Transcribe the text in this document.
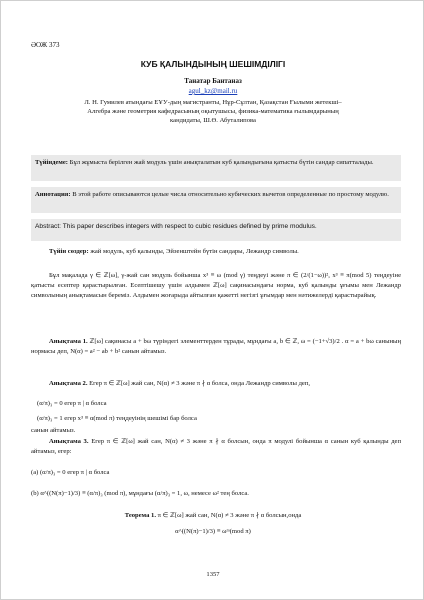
ӘОЖ 373
КУБ ҚАЛЫНДЫНЫҢ ШЕШІМДІЛІГІ
Танатар Бантаназ
agul_kz@mail.ru
Л. Н. Гумилев атындағы ЕҰУ-дың магистранты, Нұр-Сұлтан, Қазақстан Ғылыми жетекші– Алгебра және геометрия кафедрасының оқытушысы, физика-математика ғылымдарының кандидаты, Ш.Ө. Абуталипова
Түйіндеме: Бұл жұмыста берілген жай модуль үшін анықталатын куб қалындығына қатысты бүтін сандар сипатталады.
Аннотация: В этой работе описываются целые числа относительно кубических вычетов определенные по простому модулю.
Abstract: This paper describes integers with respect to cubic residues defined by prime modulus.
Түйін сөздер: жай модуль, куб қалынды, Эйзенштейн бүтін сандары, Лежандр символы.
Бұл мақалада γ ∈ ℤ[ω], γ-жай сан модуль бойынша x³ ≡ ω (mod γ) теңдеуі және π ∈ (2/(1−ω))², x³ ≡ π(mod 5) теңдеуіне қатысты есептер қарастырылған. Есептішешу үшін алдымен ℤ[ω] сақинасындағы норма, куб қалынды ұғымы мен Лежандр символының анықтамасын береміз. Алдымен жоғарыда айтылған қажетті негізгі ұғымдар мен нәтижелерді қарастырайық.
Анықтама 1. ℤ[ω] сақинасы a + bω түріндегі элементтерден тұрады, мұндағы a, b ∈ ℤ, ω = (−1+√3)/2 . α = a + bω санының нормасы деп, N(α) = a² − ab + b² санын айтамыз.
Анықтама 2. Егер π ∈ ℤ[ω] жай сан, N(α) ≠ 3 және π ∤ α болса, онда Лежандр символы деп,
(α/π)₃ = 0 егер π | α болса
(α/π)₃ = 1 егер x³ ≡ α(mod π) теңдеуінің шешімі бар болса
санын айтамыз.
Анықтама 3. Егер π ∈ ℤ[ω] жай сан, N(α) ≠ 3 және π ∤ α болсын, онда π модулі бойынша α санын куб қалынды деп айтамыз, егер:
(a) (α/π)₃ = 0 егер π | α болса
(b) α^((N(π)−1)/3) ≡ (α/π)₃ (mod π), мұндағы (α/π)₃ = 1, ω, немесе ω² тең болса.
Теорема 1. π ∈ ℤ[ω] жай сан, N(α) ≠ 3 және π ∤ α болсын,онда
α^((N(π)−1)/3) ≡ ωᵐ(mod π)
1357
